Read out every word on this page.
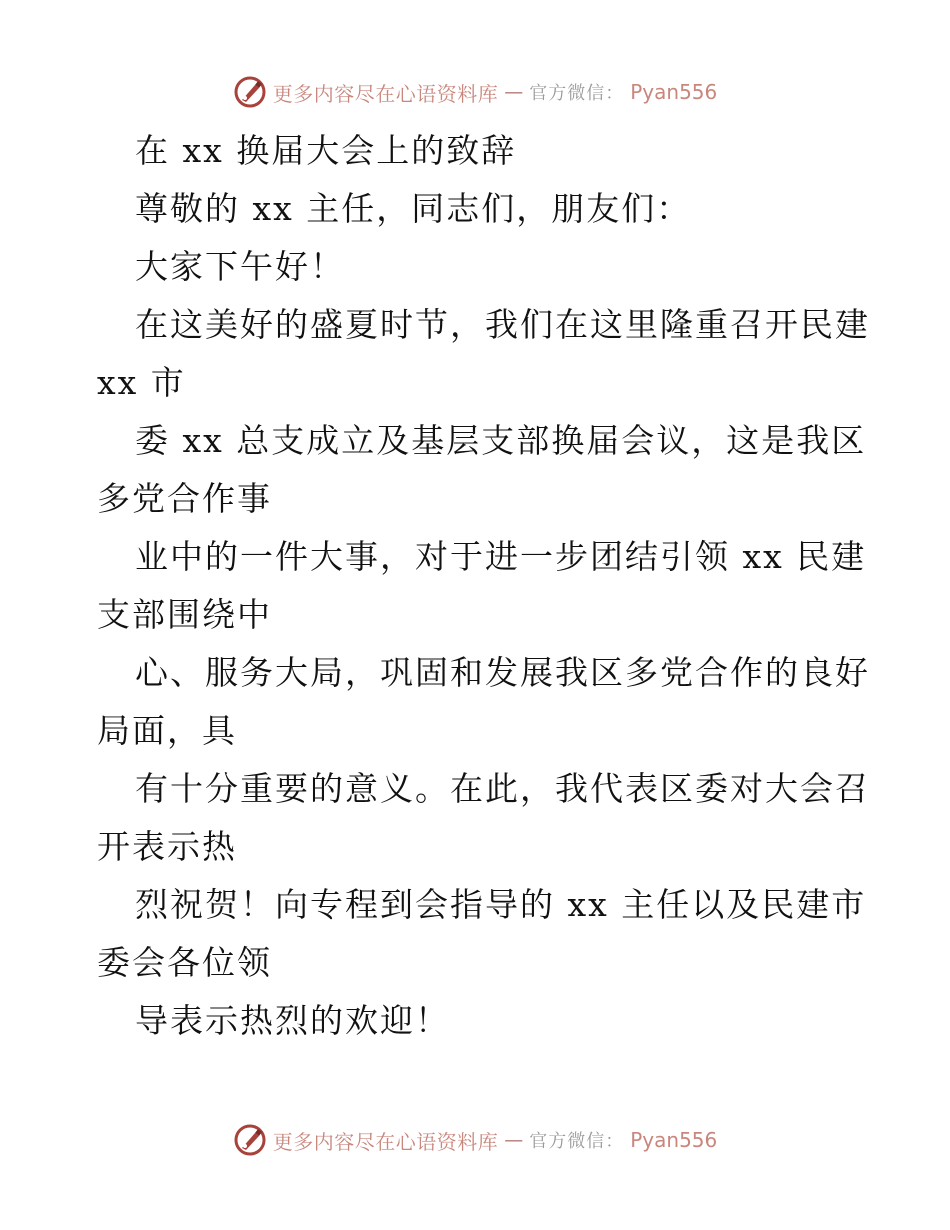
更多内容尽在心语资料库 — 官方微信： Pyan556
在 xx 换届大会上的致辞
尊敬的 xx 主任，同志们，朋友们：
大家下午好！
在这美好的盛夏时节，我们在这里隆重召开民建
xx 市
委 xx 总支成立及基层支部换届会议，这是我区
多党合作事
业中的一件大事，对于进一步团结引领 xx 民建
支部围绕中
心、服务大局，巩固和发展我区多党合作的良好
局面，具
有十分重要的意义。在此，我代表区委对大会召
开表示热
烈祝贺！向专程到会指导的 xx 主任以及民建市
委会各位领
导表示热烈的欢迎！
更多内容尽在心语资料库 — 官方微信： Pyan556
